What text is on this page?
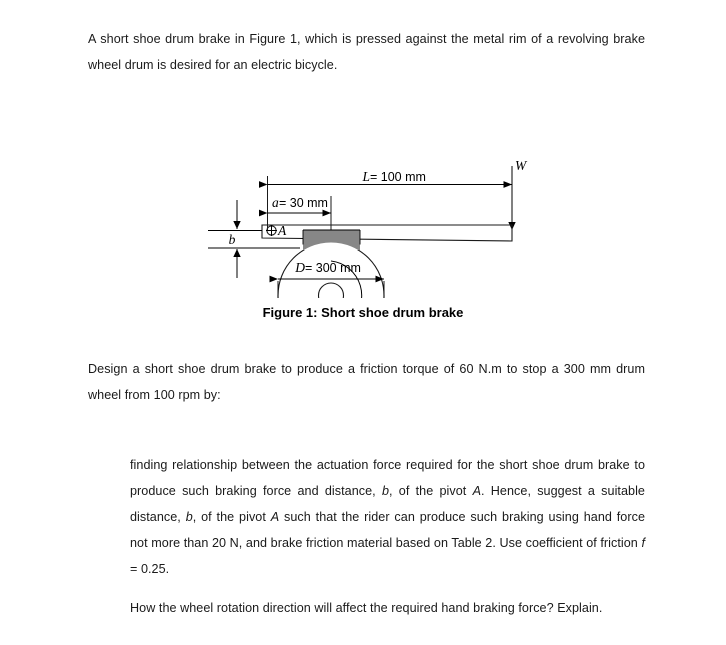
A short shoe drum brake in Figure 1, which is pressed against the metal rim of a revolving brake wheel drum is desired for an electric bicycle.
L = 100 mm
a = 30 mm
W
b
A
D = 300 mm
Figure 1: Short shoe drum brake
Design a short shoe drum brake to produce a friction torque of 60 N.m to stop a 300 mm drum wheel from 100 rpm by:
finding relationship between the actuation force required for the short shoe drum brake to produce such braking force and distance, b, of the pivot A. Hence, suggest a suitable distance, b, of the pivot A such that the rider can produce such braking using hand force not more than 20 N, and brake friction material based on Table 2. Use coefficient of friction f = 0.25.
How the wheel rotation direction will affect the required hand braking force? Explain.
